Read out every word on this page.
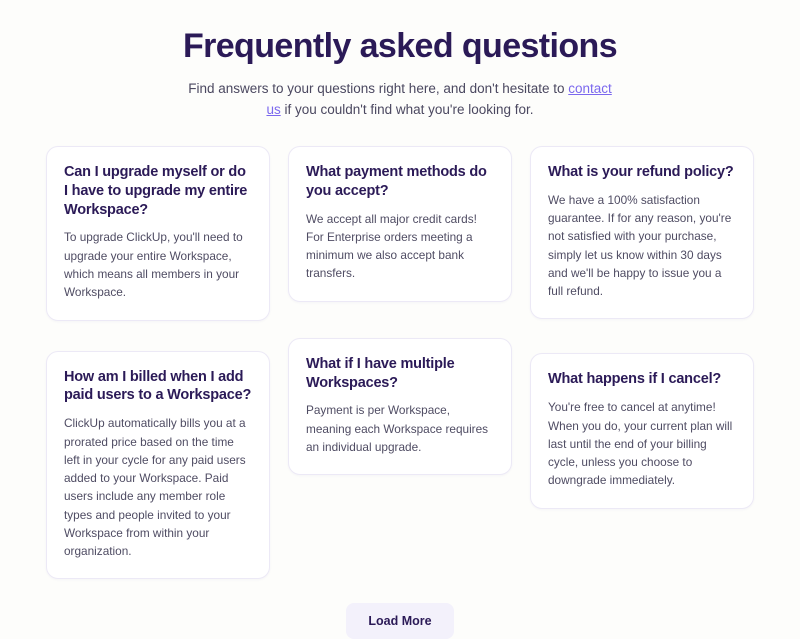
Frequently asked questions

Find answers to your questions right here, and don't hesitate to contact us if you couldn't find what you're looking for.

Can I upgrade myself or do I have to upgrade my entire Workspace?

To upgrade ClickUp, you'll need to upgrade your entire Workspace, which means all members in your Workspace.

How am I billed when I add paid users to a Workspace?

ClickUp automatically bills you at a prorated price based on the time left in your cycle for any paid users added to your Workspace. Paid users include any member role types and people invited to your Workspace from within your organization.

What payment methods do you accept?

We accept all major credit cards! For Enterprise orders meeting a minimum we also accept bank transfers.

What if I have multiple Workspaces?

Payment is per Workspace, meaning each Workspace requires an individual upgrade.

What is your refund policy?

We have a 100% satisfaction guarantee. If for any reason, you're not satisfied with your purchase, simply let us know within 30 days and we'll be happy to issue you a full refund.

What happens if I cancel?

You're free to cancel at anytime! When you do, your current plan will last until the end of your billing cycle, unless you choose to downgrade immediately.

Load More
